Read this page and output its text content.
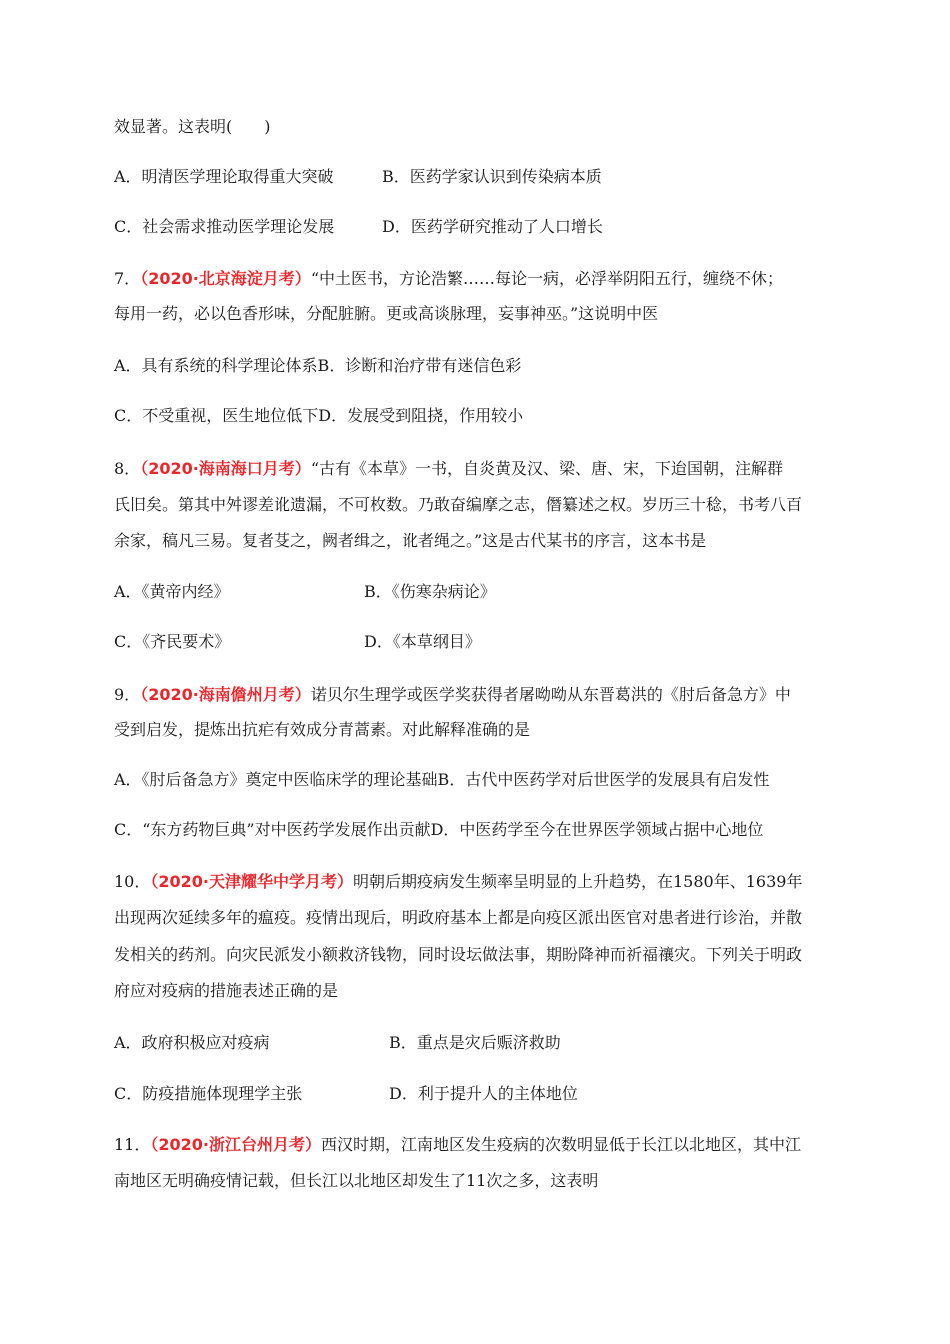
效显著。这表明(　　)
A．明清医学理论取得重大突破	B．医药学家认识到传染病本质
C．社会需求推动医学理论发展	D．医药学研究推动了人口增长
7．（2020·北京海淀月考）“中土医书，方论浩繁……每论一病，必浮举阴阳五行，缠绕不休；
每用一药，必以色香形味，分配脏腑。更或高谈脉理，妄事神巫。”这说明中医
A．具有系统的科学理论体系B．诊断和治疗带有迷信色彩
C．不受重视，医生地位低下D．发展受到阻挠，作用较小
8．（2020·海南海口月考）“古有《本草》一书，自炎黄及汉、梁、唐、宋，下迨国朝，注解群
氏旧矣。第其中舛谬差讹遗漏，不可枚数。乃敢奋编摩之志，僭纂述之权。岁历三十稔，书考八百
余家，稿凡三易。复者芟之，阙者缉之，讹者绳之。”这是古代某书的序言，这本书是
A．《黄帝内经》	B．《伤寒杂病论》
C．《齐民要术》	D．《本草纲目》
9．（2020·海南儋州月考）诺贝尔生理学或医学奖获得者屠呦呦从东晋葛洪的《肘后备急方》中
受到启发，提炼出抗疟有效成分青蒿素。对此解释准确的是
A．《肘后备急方》奠定中医临床学的理论基础B．古代中医药学对后世医学的发展具有启发性
C．“东方药物巨典”对中医药学发展作出贡献D．中医药学至今在世界医学领域占据中心地位
10．（2020·天津耀华中学月考）明朝后期疫病发生频率呈明显的上升趋势，在1580年、1639年
出现两次延续多年的瘟疫。疫情出现后，明政府基本上都是向疫区派出医官对患者进行诊治，并散
发相关的药剂。向灾民派发小额救济钱物，同时设坛做法事，期盼降神而祈福禳灾。下列关于明政
府应对疫病的措施表述正确的是
A．政府积极应对疫病	B．重点是灾后赈济救助
C．防疫措施体现理学主张	D．利于提升人的主体地位
11．（2020·浙江台州月考）西汉时期，江南地区发生疫病的次数明显低于长江以北地区，其中江
南地区无明确疫情记载，但长江以北地区却发生了11次之多，这表明
